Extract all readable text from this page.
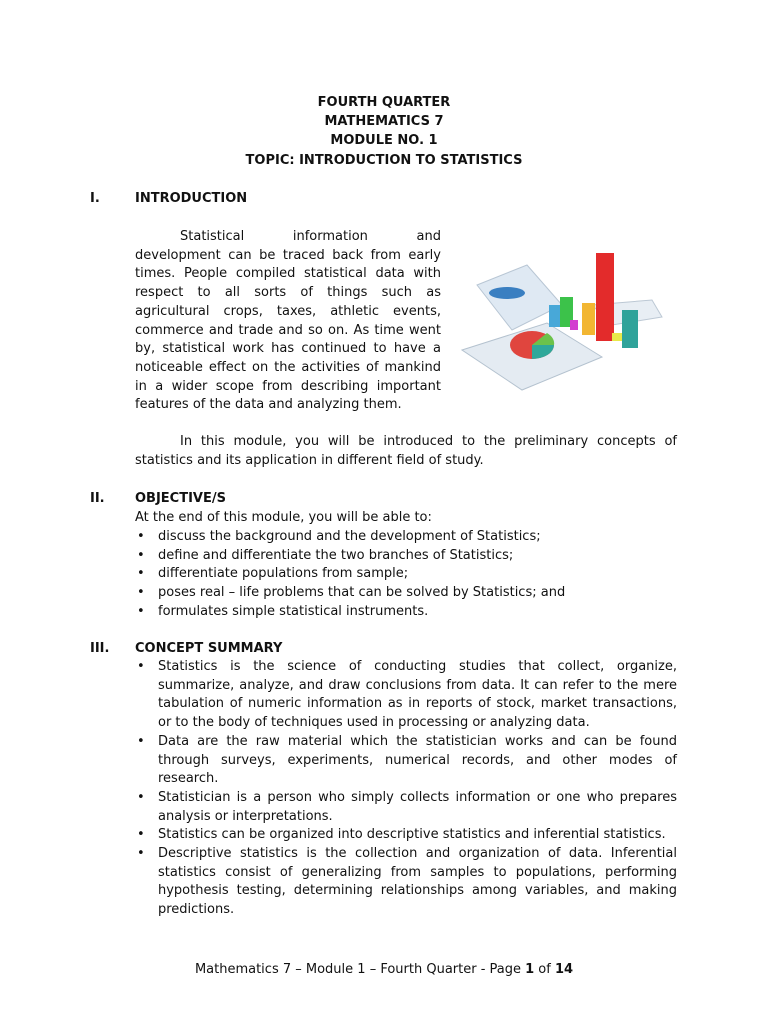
FOURTH QUARTER
MATHEMATICS 7
MODULE NO. 1
TOPIC: INTRODUCTION TO STATISTICS
I.	INTRODUCTION
Statistical information and development can be traced back from early times. People compiled statistical data with respect to all sorts of things such as agricultural crops, taxes, athletic events, commerce and trade and so on. As time went by, statistical work has continued to have a noticeable effect on the activities of mankind in a wider scope from describing important features of the data and analyzing them.
In this module, you will be introduced to the preliminary concepts of statistics and its application in different field of study.
II. OBJECTIVE/S
At the end of this module, you will be able to:
• discuss the background and the development of Statistics;
• define and differentiate the two branches of Statistics;
• differentiate populations from sample;
• poses real – life problems that can be solved by Statistics; and
• formulates simple statistical instruments.
III. CONCEPT SUMMARY
• Statistics is the science of conducting studies that collect, organize, summarize, analyze, and draw conclusions from data. It can refer to the mere tabulation of numeric information as in reports of stock, market transactions, or to the body of techniques used in processing or analyzing data.
• Data are the raw material which the statistician works and can be found through surveys, experiments, numerical records, and other modes of research.
• Statistician is a person who simply collects information or one who prepares analysis or interpretations.
• Statistics can be organized into descriptive statistics and inferential statistics.
• Descriptive statistics is the collection and organization of data. Inferential statistics consist of generalizing from samples to populations, performing hypothesis testing, determining relationships among variables, and making predictions.
Mathematics 7 – Module 1 – Fourth Quarter - Page 1 of 14
